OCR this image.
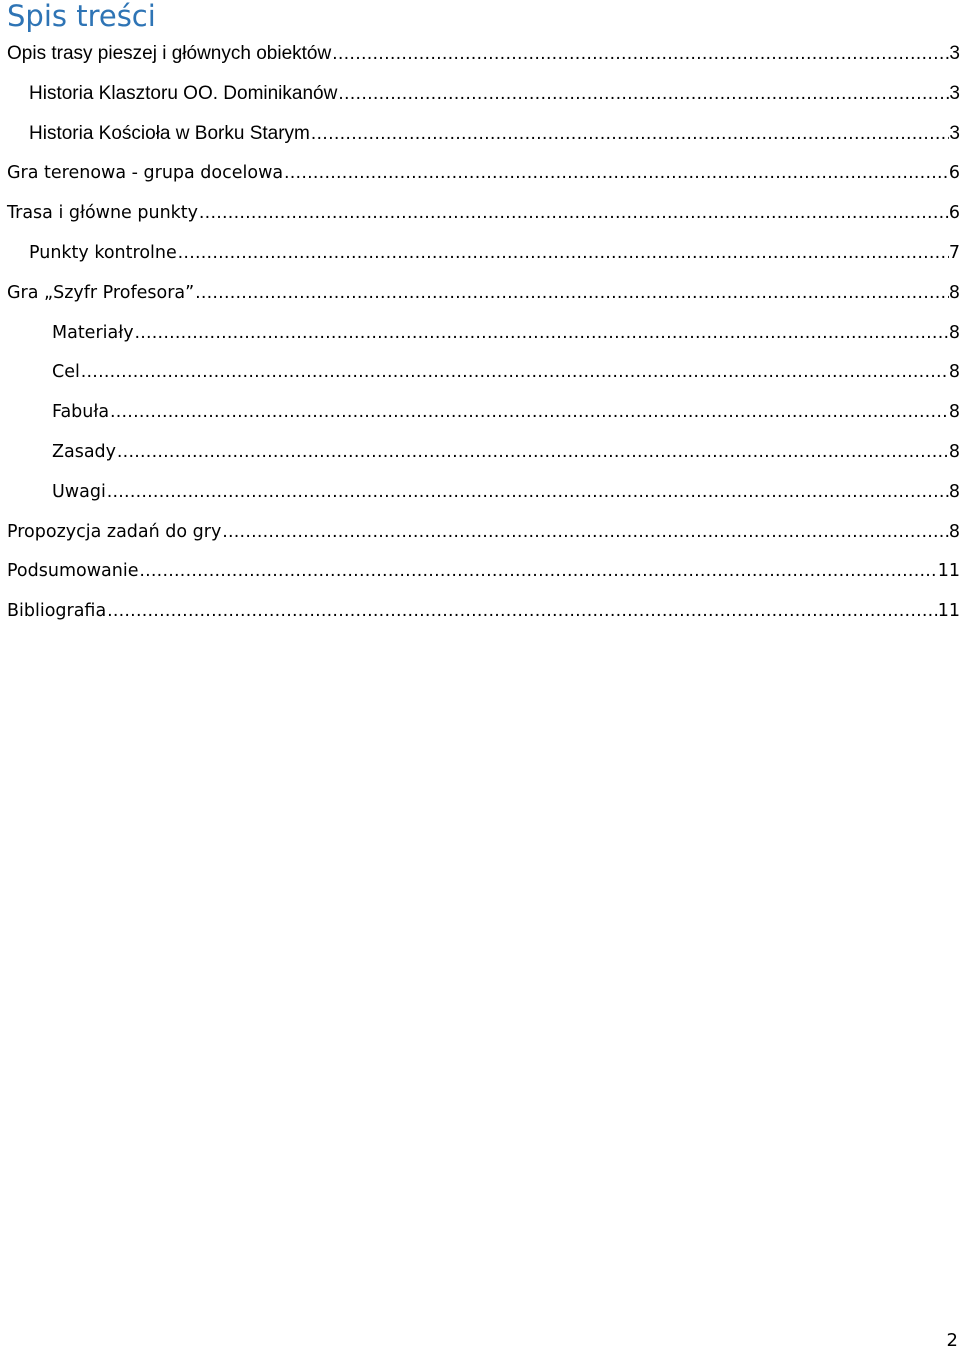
Spis treści
Opis trasy pieszej i głównych obiektów .....	3
Historia Klasztoru OO. Dominikanów .....	3
Historia Kościoła w Borku Starym .....	3
Gra terenowa - grupa docelowa .....	6
Trasa i główne punkty .....	6
Punkty kontrolne .....	7
Gra „Szyfr Profesora” .....	8
Materiały .....	8
Cel .....	8
Fabuła .....	8
Zasady .....	8
Uwagi .....	8
Propozycja zadań do gry .....	8
Podsumowanie .....	11
Bibliografia .....	11
2
